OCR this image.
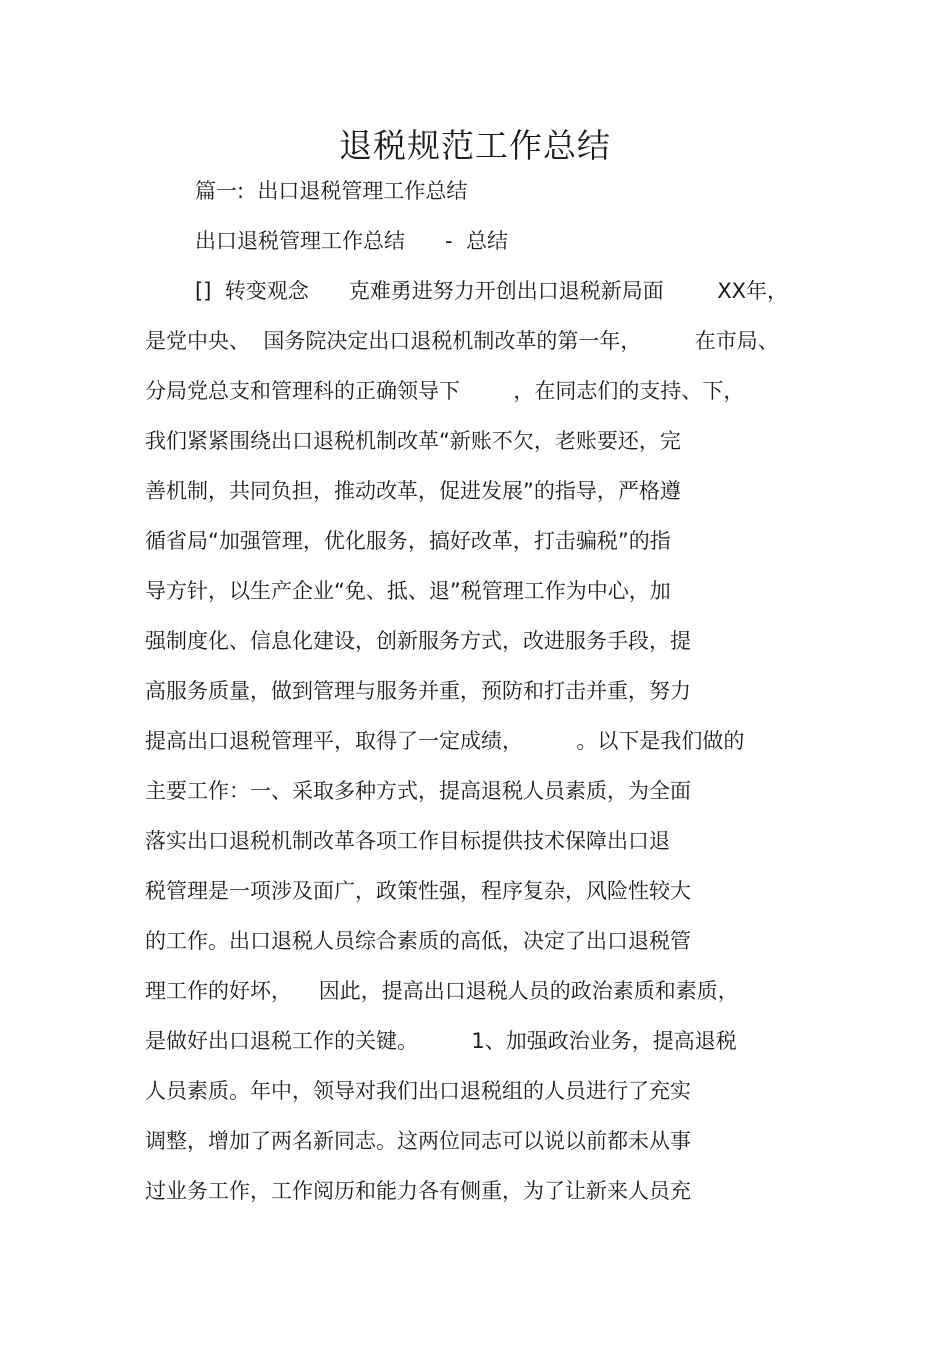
退税规范工作总结
篇一:  出口退税管理工作总结
出口退税管理工作总结      -  总结
[]  转变观念      克难勇进努力开创出口退税新局面        XX年，
是党中央、  国务院决定出口退税机制改革的第一年，        在市局、
分局党总支和管理科的正确领导下        ，在同志们的支持、下，
我们紧紧围绕出口退税机制改革“新账不欠，老账要还，完
善机制，共同负担，推动改革，促进发展”的指导，严格遵
循省局“加强管理，优化服务，搞好改革，打击骗税”的指
导方针，以生产企业“免、抵、退”税管理工作为中心，加
强制度化、信息化建设，创新服务方式，改进服务手段，提
高服务质量，做到管理与服务并重，预防和打击并重，努力
提高出口退税管理平，取得了一定成绩，        。以下是我们做的
主要工作：一、采取多种方式，提高退税人员素质，为全面
落实出口退税机制改革各项工作目标提供技术保障出口退
税管理是一项涉及面广，政策性强，程序复杂，风险性较大
的工作。出口退税人员综合素质的高低，决定了出口退税管
理工作的好坏，    因此，提高出口退税人员的政治素质和素质，
是做好出口退税工作的关键。        1、加强政治业务，提高退税
人员素质。年中，领导对我们出口退税组的人员进行了充实
调整，增加了两名新同志。这两位同志可以说以前都未从事
过业务工作，工作阅历和能力各有侧重，为了让新来人员充
